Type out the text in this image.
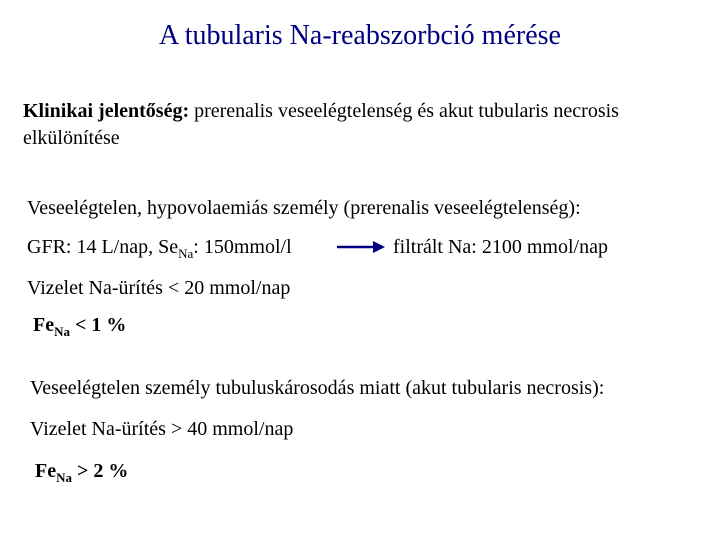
A tubularis Na-reabszorbció mérése
Klinikai jelentőség: prerenalis veseelégtelenség és akut tubularis necrosis elkülönítése
Veseelégtelen, hypovolaemiás személy (prerenalis veseelégtelenség):
GFR: 14 L/nap, $Se_{Na}$: 150mmol/l	filtrált Na: 2100 mmol/nap
Vizelet Na-ürítés < 20 mmol/nap
$Fe_{Na} < 1$ %
Veseelégtelen személy tubuluskárosodás miatt (akut tubularis necrosis):
Vizelet Na-ürítés > 40 mmol/nap
$Fe_{Na} > 2$ %
